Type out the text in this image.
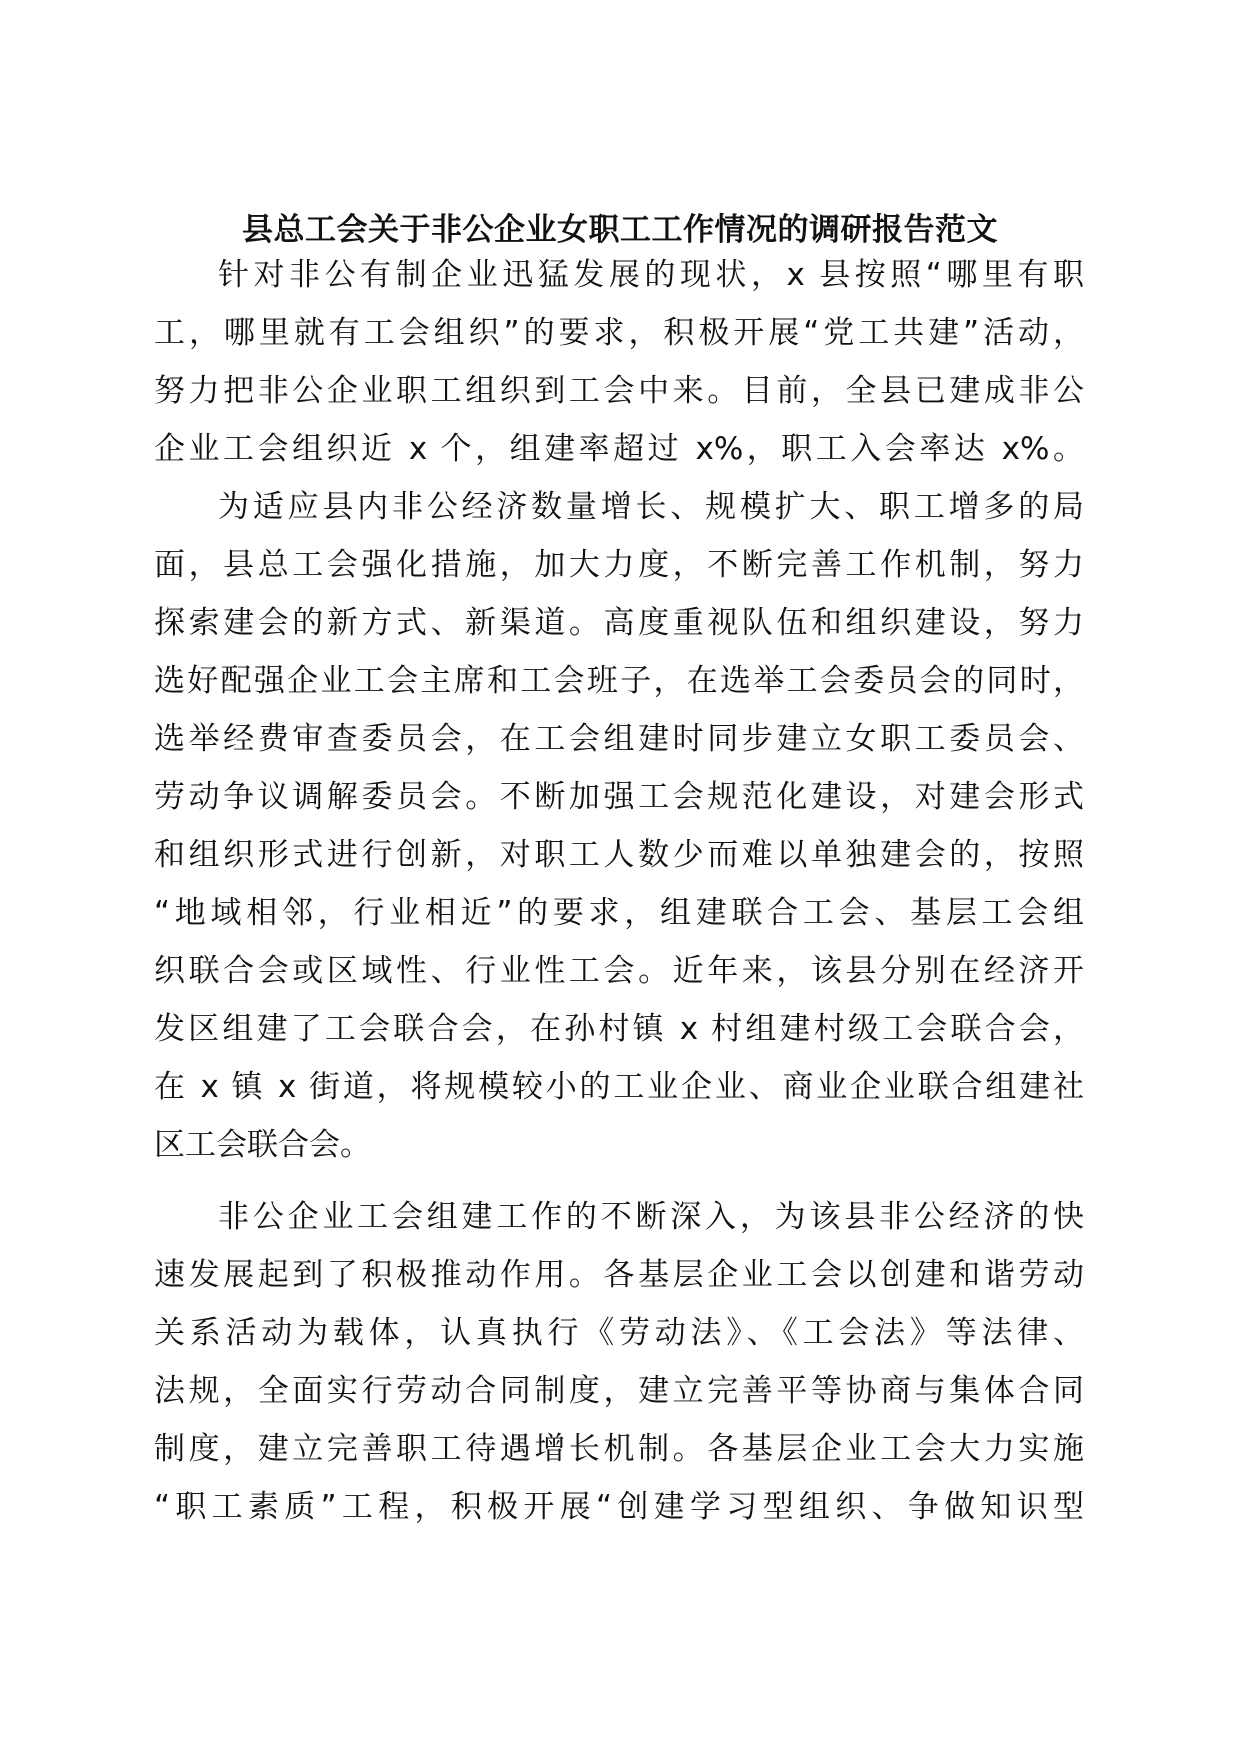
县总工会关于非公企业女职工工作情况的调研报告范文

针对非公有制企业迅猛发展的现状，x 县按照“哪里有职

工，哪里就有工会组织”的要求，积极开展“党工共建”活动，

努力把非公企业职工组织到工会中来。目前，全县已建成非公

企业工会组织近 x 个，组建率超过 x%，职工入会率达 x%。

为适应县内非公经济数量增长、规模扩大、职工增多的局

面，县总工会强化措施，加大力度，不断完善工作机制，努力

探索建会的新方式、新渠道。高度重视队伍和组织建设，努力

选好配强企业工会主席和工会班子，在选举工会委员会的同时，

选举经费审查委员会，在工会组建时同步建立女职工委员会、

劳动争议调解委员会。不断加强工会规范化建设，对建会形式

和组织形式进行创新，对职工人数少而难以单独建会的，按照

“地域相邻，行业相近”的要求，组建联合工会、基层工会组

织联合会或区域性、行业性工会。近年来，该县分别在经济开

发区组建了工会联合会，在孙村镇 x 村组建村级工会联合会，

在 x 镇 x 街道，将规模较小的工业企业、商业企业联合组建社

区工会联合会。

非公企业工会组建工作的不断深入，为该县非公经济的快

速发展起到了积极推动作用。各基层企业工会以创建和谐劳动

关系活动为载体，认真执行《劳动法》、《工会法》等法律、

法规，全面实行劳动合同制度，建立完善平等协商与集体合同

制度，建立完善职工待遇增长机制。各基层企业工会大力实施

“职工素质”工程，积极开展“创建学习型组织、争做知识型
